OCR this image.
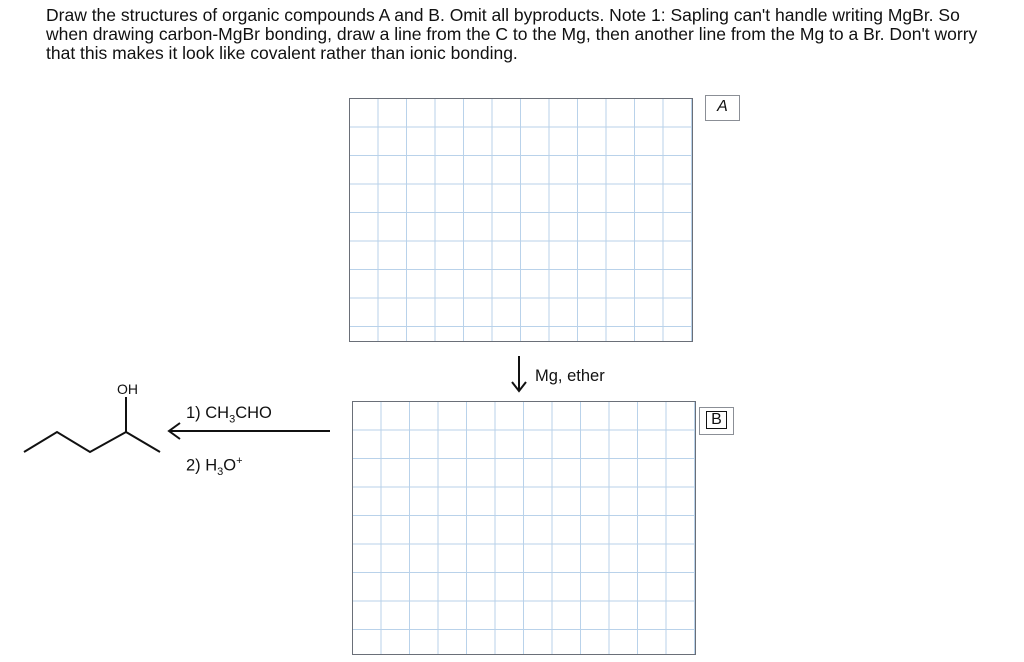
Draw the structures of organic compounds A and B. Omit all byproducts. Note 1: Sapling can't handle writing MgBr. So when drawing carbon-MgBr bonding, draw a line from the C to the Mg, then another line from the Mg to a Br. Don't worry that this makes it look like covalent rather than ionic bonding.

A
Mg, ether
B
1) $CH_3CHO$
2) $H_3O^+$
OH
